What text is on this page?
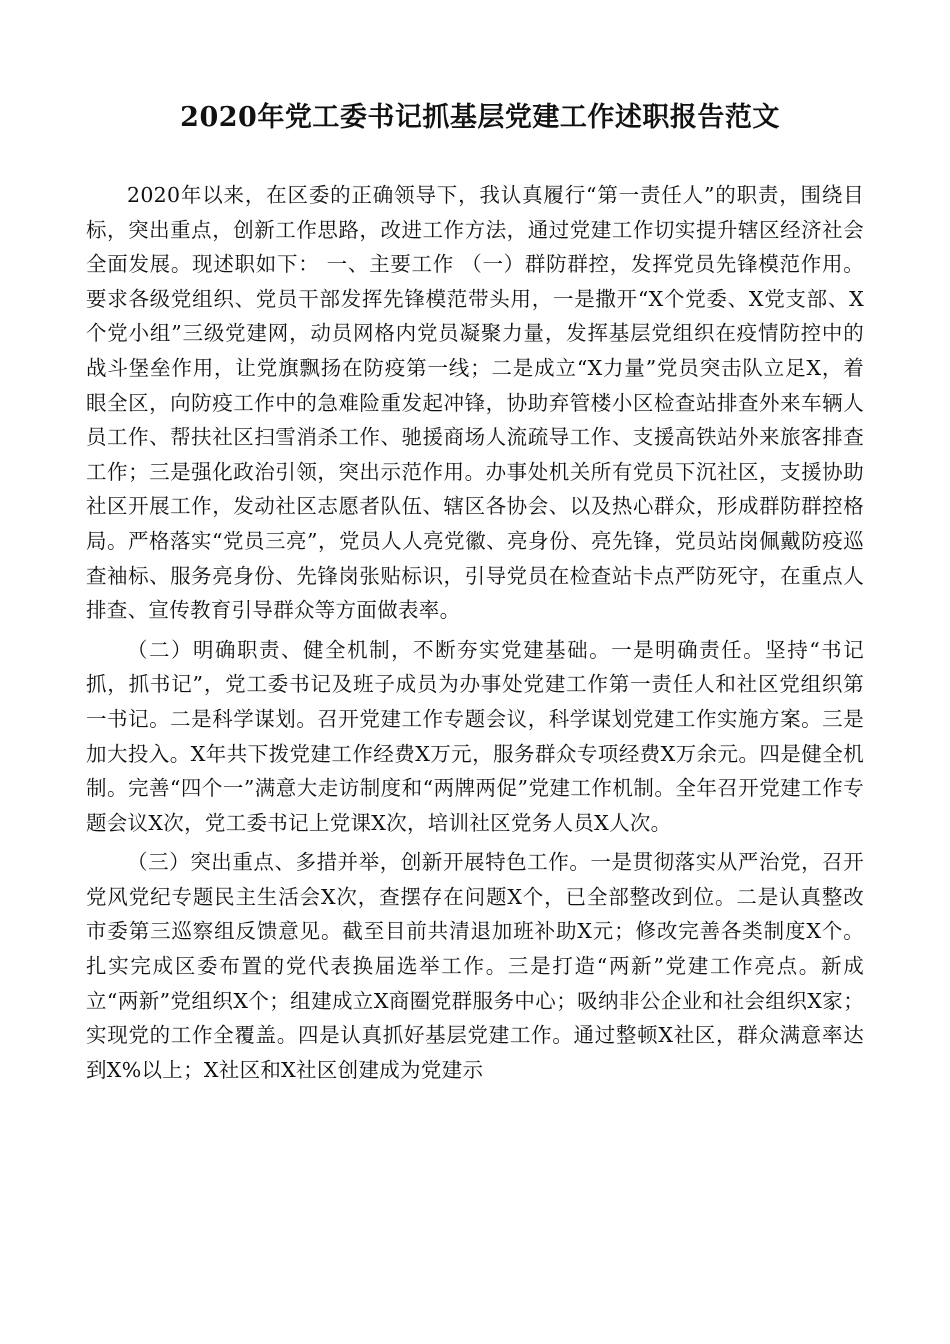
2020年党工委书记抓基层党建工作述职报告范文

2020年以来，在区委的正确领导下，我认真履行“第一责任人”的职责，围绕目标，突出重点，创新工作思路，改进工作方法，通过党建工作切实提升辖区经济社会全面发展。现述职如下： 一、主要工作 （一）群防群控，发挥党员先锋模范作用。要求各级党组织、党员干部发挥先锋模范带头用，一是撒开“X个党委、X党支部、X个党小组”三级党建网，动员网格内党员凝聚力量，发挥基层党组织在疫情防控中的战斗堡垒作用，让党旗飘扬在防疫第一线；二是成立“X力量”党员突击队立足X，着眼全区，向防疫工作中的急难险重发起冲锋，协助弃管楼小区检查站排查外来车辆人员工作、帮扶社区扫雪消杀工作、驰援商场人流疏导工作、支援高铁站外来旅客排查工作；三是强化政治引领，突出示范作用。办事处机关所有党员下沉社区，支援协助社区开展工作，发动社区志愿者队伍、辖区各协会、以及热心群众，形成群防群控格局。严格落实“党员三亮”，党员人人亮党徽、亮身份、亮先锋，党员站岗佩戴防疫巡查袖标、服务亮身份、先锋岗张贴标识，引导党员在检查站卡点严防死守，在重点人排查、宣传教育引导群众等方面做表率。

（二）明确职责、健全机制，不断夯实党建基础。一是明确责任。坚持“书记抓，抓书记”，党工委书记及班子成员为办事处党建工作第一责任人和社区党组织第一书记。二是科学谋划。召开党建工作专题会议，科学谋划党建工作实施方案。三是加大投入。X年共下拨党建工作经费X万元，服务群众专项经费X万余元。四是健全机制。完善“四个一”满意大走访制度和“两牌两促”党建工作机制。全年召开党建工作专题会议X次，党工委书记上党课X次，培训社区党务人员X人次。

（三）突出重点、多措并举，创新开展特色工作。一是贯彻落实从严治党，召开党风党纪专题民主生活会X次，查摆存在问题X个，已全部整改到位。二是认真整改市委第三巡察组反馈意见。截至目前共清退加班补助X元；修改完善各类制度X个。扎实完成区委布置的党代表换届选举工作。三是打造“两新”党建工作亮点。新成立“两新”党组织X个；组建成立X商圈党群服务中心；吸纳非公企业和社会组织X家；实现党的工作全覆盖。四是认真抓好基层党建工作。通过整顿X社区，群众满意率达到X%以上；X社区和X社区创建成为党建示
